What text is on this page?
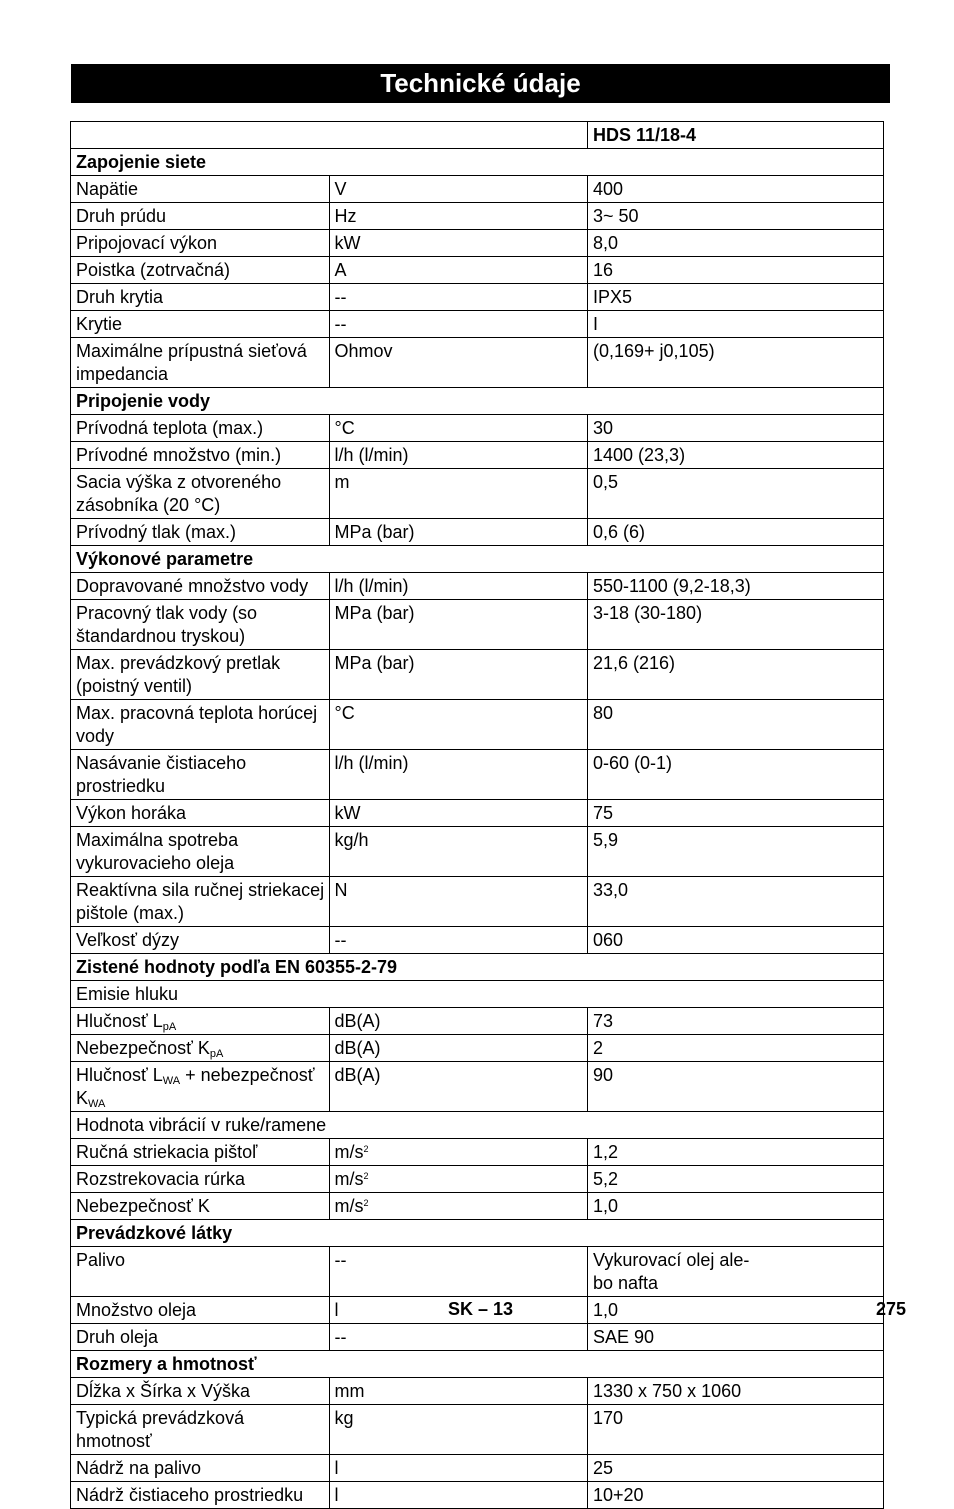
Technické údaje
		HDS 11/18-4
Zapojenie siete		
Napätie	V	400
Druh prúdu	Hz	3~ 50
Pripojovací výkon	kW	8,0
Poistka (zotrvačná)	A	16
Druh krytia	--	IPX5
Krytie	--	I
Maximálne prípustná sieťová impedancia	Ohmov	(0,169+ j0,105)
Pripojenie vody		
Prívodná teplota (max.)	°C	30
Prívodné množstvo (min.)	l/h (l/min)	1400 (23,3)
Sacia výška z otvoreného zásobníka (20 °C)	m	0,5
Prívodný tlak (max.)	MPa (bar)	0,6 (6)
Výkonové parametre		
Dopravované množstvo vody	l/h (l/min)	550-1100 (9,2-18,3)
Pracovný tlak vody (so štandardnou tryskou)	MPa (bar)	3-18 (30-180)
Max. prevádzkový pretlak (poistný ventil)	MPa (bar)	21,6 (216)
Max. pracovná teplota horúcej vody	°C	80
Nasávanie čistiaceho prostriedku	l/h (l/min)	0-60 (0-1)
Výkon horáka	kW	75
Maximálna spotreba vykurovacieho oleja	kg/h	5,9
Reaktívna sila ručnej striekacej pištole (max.)	N	33,0
Veľkosť dýzy	--	060
Zistené hodnoty podľa EN 60355-2-79		
Emisie hluku		
Hlučnosť $L_{pA}$	dB(A)	73
Nebezpečnosť $K_{pA}$	dB(A)	2
Hlučnosť $L_{WA}$ + nebezpečnosť $K_{WA}$	dB(A)	90
Hodnota vibrácií v ruke/ramene		
Ručná striekacia pištoľ	$m/s^2$	1,2
Rozstrekovacia rúrka	$m/s^2$	5,2
Nebezpečnosť K	$m/s^2$	1,0
Prevádzkové látky		
Palivo	--	Vykurovací olej ale-
bo nafta
Množstvo oleja	l	1,0
Druh oleja	--	SAE 90
Rozmery a hmotnosť		
Dĺžka x Šírka x Výška	mm	1330 x 750 x 1060
Typická prevádzková hmotnosť	kg	170
Nádrž na palivo	l	25
Nádrž čistiaceho prostriedku	l	10+20
SK – 13	275
